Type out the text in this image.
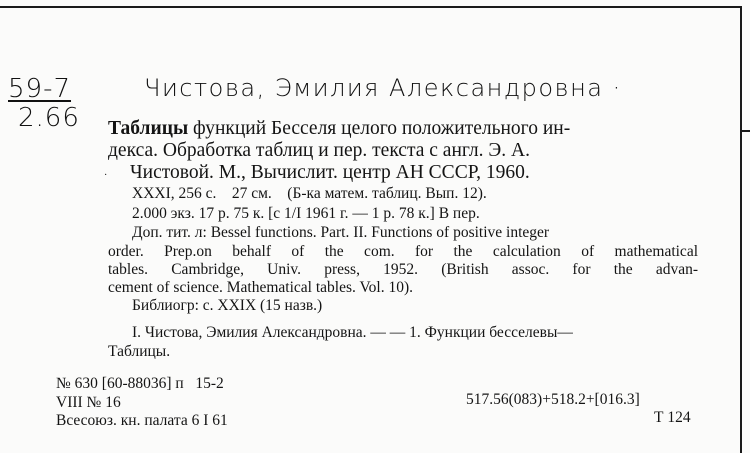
59-7
2.66
Чистова, Эмилия Александровна ·
Таблицы функций Бесселя целого положительного ин-
декса. Обработка таблиц и пер. текста с англ. Э. А.
Чистовой. М., Вычислит. центр АН СССР, 1960.
·
XXXI, 256 с.    27 см.    (Б-ка матем. таблиц. Вып. 12).
2.000 экз. 17 р. 75 к. [с 1/I 1961 г. — 1 р. 78 к.] В пер.
Доп. тит. л: Bessel functions. Part. II. Functions of positive integer
order. Prep.on behalf of the com. for the calculation of mathematical
tables. Cambridge, Univ. press, 1952. (British assoc. for the advan-
cement of science. Mathematical tables. Vol. 10).
Библиогр: с. XXIX (15 назв.)
I. Чистова, Эмилия Александровна. — — 1. Функции бесселевы—
Таблицы.
№ 630 [60-88036] п   15-2
VIII № 16
Всесоюз. кн. палата 6 I 61
517.56(083)+518.2+[016.3]
Т 124
